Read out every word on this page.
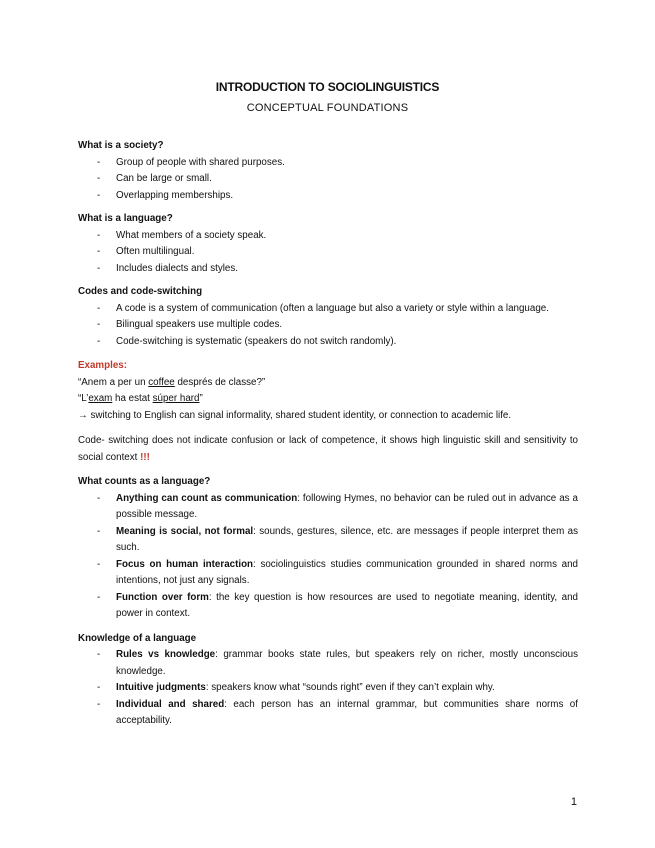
INTRODUCTION TO SOCIOLINGUISTICS
CONCEPTUAL FOUNDATIONS

What is a society?

- Group of people with shared purposes.
- Can be large or small.
- Overlapping memberships.

What is a language?

- What members of a society speak.
- Often multilingual.
- Includes dialects and styles.

Codes and code-switching

- A code is a system of communication (often a language but also a variety or style within a language.
- Bilingual speakers use multiple codes.
- Code-switching is systematic (speakers do not switch randomly).

Examples:

“Anem a per un coffee després de classe?”

“L’exam ha estat súper hard”

→ switching to English can signal informality, shared student identity, or connection to academic life.

Code- switching does not indicate confusion or lack of competence, it shows high linguistic skill and sensitivity to social context !!!

What counts as a language?

- Anything can count as communication: following Hymes, no behavior can be ruled out in advance as a possible message.
- Meaning is social, not formal: sounds, gestures, silence, etc. are messages if people interpret them as such.
- Focus on human interaction: sociolinguistics studies communication grounded in shared norms and intentions, not just any signals.
- Function over form: the key question is how resources are used to negotiate meaning, identity, and power in context.

Knowledge of a language

- Rules vs knowledge: grammar books state rules, but speakers rely on richer, mostly unconscious knowledge.
- Intuitive judgments: speakers know what “sounds right” even if they can’t explain why.
- Individual and shared: each person has an internal grammar, but communities share norms of acceptability.
1
